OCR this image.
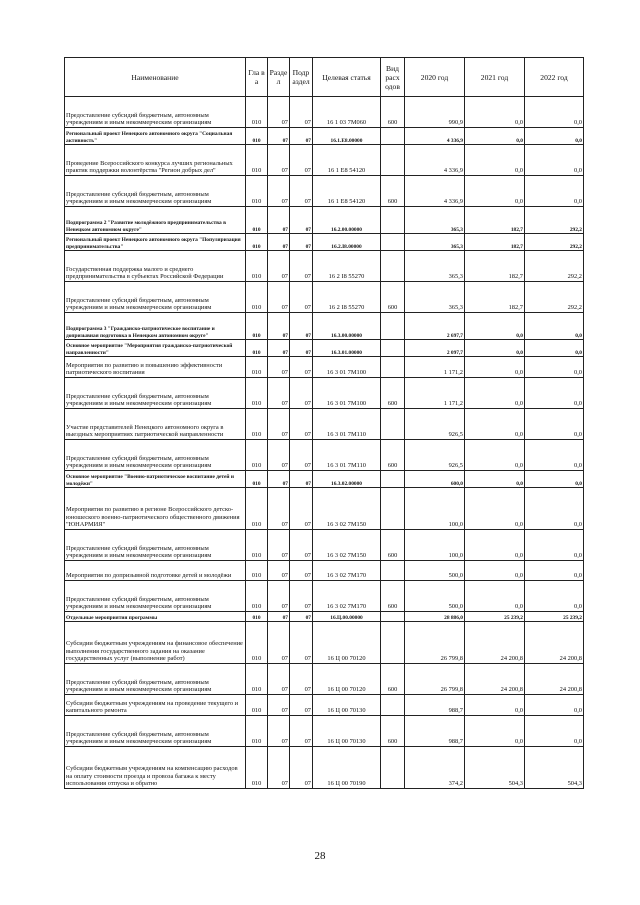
Наименование	Гла в а	Разде л	Подр аздел	Целевая статья	Вид расх одов	2020 год	2021 год	2022 год
Предоставление субсидий бюджетным, автономным учреждениям и иным некоммерческим организациям	010	07	07	16 1 03 7М060	600	990,9	0,0	0,0
Региональный проект Ненецкого автономного округа "Социальная активность"	010	07	07	16.1.Е8.00000		4 336,9	0,0	0,0
Проведение Всероссийского конкурса лучших региональных практик поддержки волонтёрства "Регион добрых дел"	010	07	07	16 1 Е8 54120		4 336,9	0,0	0,0
Предоставление субсидий бюджетным, автономным учреждениям и иным некоммерческим организациям	010	07	07	16 1 Е8 54120	600	4 336,9	0,0	0,0
Подпрограмма 2 "Развитие молодёжного предпринимательства в Ненецком автономном округе"	010	07	07	16.2.00.00000		365,3	182,7	292,2
Региональный проект Ненецкого автономного округа "Популяризация предпринимательства"	010	07	07	16.2.I8.00000		365,3	182,7	292,2
Государственная поддержка малого и среднего предпринимательства в субъектах Российской Федерации	010	07	07	16 2 I8 55270		365,3	182,7	292,2
Предоставление субсидий бюджетным, автономным учреждениям и иным некоммерческим организациям	010	07	07	16 2 I8 55270	600	365,3	182,7	292,2
Подпрограмма 3 "Гражданско-патриотическое воспитание и допризывная подготовка в Ненецком автономном округе"	010	07	07	16.3.00.00000		2 697,7	0,0	0,0
Основное мероприятие "Мероприятия гражданско-патриотической направленности"	010	07	07	16.3.01.00000		2 097,7	0,0	0,0
Мероприятия по развитию и повышению эффективности патриотического воспитания	010	07	07	16 3 01 7М100		1 171,2	0,0	0,0
Предоставление субсидий бюджетным, автономным учреждениям и иным некоммерческим организациям	010	07	07	16 3 01 7М100	600	1 171,2	0,0	0,0
Участие представителей Ненецкого автономного округа в выездных мероприятиях патриотической направленности	010	07	07	16 3 01 7М110		926,5	0,0	0,0
Предоставление субсидий бюджетным, автономным учреждениям и иным некоммерческим организациям	010	07	07	16 3 01 7М110	600	926,5	0,0	0,0
Основное мероприятие "Военно-патриотическое воспитание детей и молодёжи"	010	07	07	16.3.02.00000		600,0	0,0	0,0
Мероприятия по развитию в регионе Всероссийского детско-юношеского военно-патриотического общественного движения "ЮНАРМИЯ"	010	07	07	16 3 02 7М150		100,0	0,0	0,0
Предоставление субсидий бюджетным, автономным учреждениям и иным некоммерческим организациям	010	07	07	16 3 02 7М150	600	100,0	0,0	0,0
Мероприятия по допризывной подготовке детей и молодёжи	010	07	07	16 3 02 7М170		500,0	0,0	0,0
Предоставление субсидий бюджетным, автономным учреждениям и иным некоммерческим организациям	010	07	07	16 3 02 7М170	600	500,0	0,0	0,0
Отдельные мероприятия программы	010	07	07	16.Ц.00.00000		28 886,0	25 239,2	25 239,2
Субсидии бюджетным учреждениям на финансовое обеспечение выполнения государственного задания на оказание государственных услуг (выполнение работ)	010	07	07	16 Ц 00 70120		26 799,8	24 200,8	24 200,8
Предоставление субсидий бюджетным, автономным учреждениям и иным некоммерческим организациям	010	07	07	16 Ц 00 70120	600	26 799,8	24 200,8	24 200,8
Субсидии бюджетным учреждениям на проведение текущего и капитального ремонта	010	07	07	16 Ц 00 70130		988,7	0,0	0,0
Предоставление субсидий бюджетным, автономным учреждениям и иным некоммерческим организациям	010	07	07	16 Ц 00 70130	600	988,7	0,0	0,0
Субсидии бюджетным учреждениям на компенсацию расходов на оплату стоимости проезда и провоза багажа к месту использования отпуска и обратно	010	07	07	16 Ц 00 70190		374,2	504,3	504,3
28
